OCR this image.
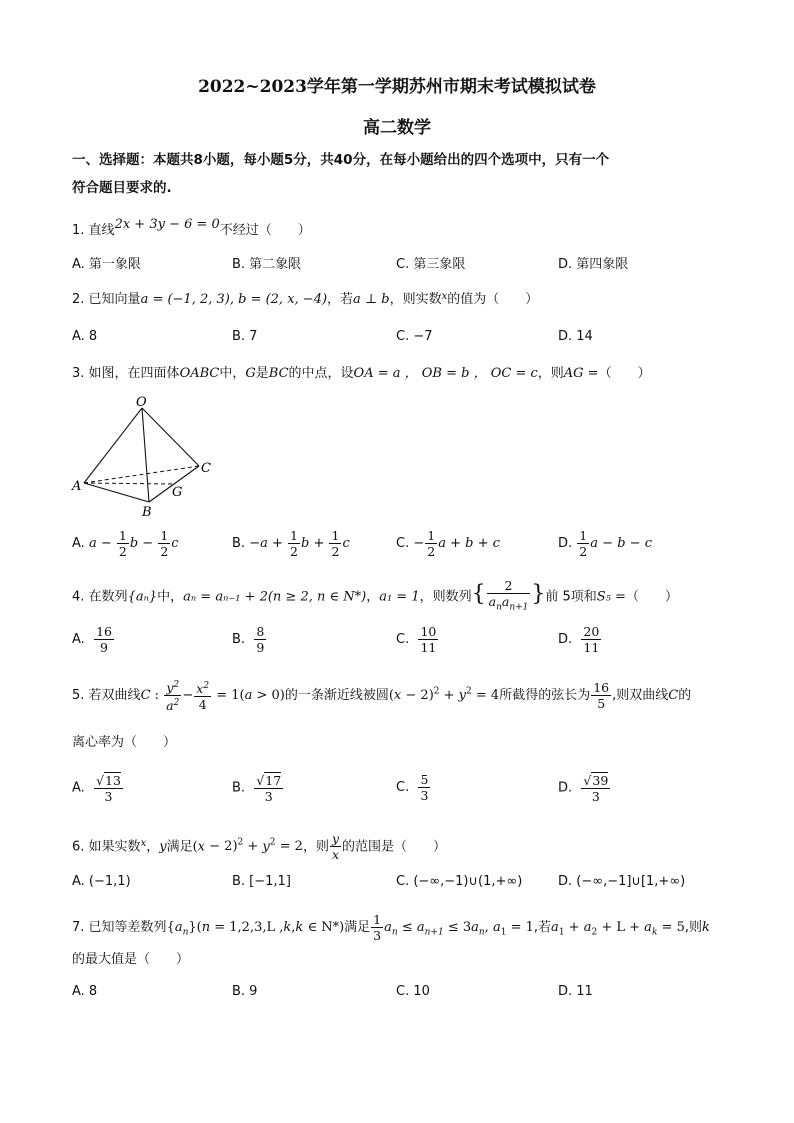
2022~2023学年第一学期苏州市期末考试模拟试卷
高二数学
一、选择题：本题共8小题，每小题5分，共40分，在每小题给出的四个选项中，只有一个
符合题目要求的.
1. 直线2x + 3y − 6 = 0不经过（　　）
A. 第一象限	B. 第二象限	C. 第三象限	D. 第四象限
2. 已知向量a = (−1, 2, 3), b = (2, x, −4)，若a ⊥ b，则实数$^x$的值为（　　）
A. 8	B. 7	C. −7	D. 14
3. 如图，在四面体OABC中，G是BC的中点，设OA = a ， OB = b ， OC = c，则AG =（　　）
O
A
B
C
G
A. $a - \frac{1}{2}$ $b - \frac{1}{2}$ c	B. $-a + \frac{1}{2}$ $b + \frac{1}{2}$ c	C. − $\frac{1}{2}$ a + b + c	D. $\frac{1}{2}$ a − b − c
4. 在数列{aₙ}中，aₙ = aₙ₋₁ + 2(n ≥ 2, n ∈ N*)，a₁ = 1，则数列{ $\frac{2}{a_na_{n+1}}$ }前 5项和S₅ =（　　）
A. $\frac{16}{9}$	B. $\frac{8}{9}$	C. $\frac{10}{11}$	D. $\frac{20}{11}$
5. 若双曲线C : $\frac{y^2}{a^2} - \frac{x^2}{4} = 1(a > 0)$的一条渐近线被圆$(x - 2)^2 + y^2 = 4$所截得的弦长为 $\frac{16}{5}$ ,则双曲线C的
离心率为（　　）
A. $\frac{√13}{3}$	B. $\frac{√17}{3}$	C. $\frac{5}{3}$	D. $\frac{√39}{3}$
6. 如果实数$^x$，y满足$(x - 2)^2 + y^2 = 2$，则 $\frac{y}{x}$ 的范围是（　　）
A. (−1,1)	B. [−1,1]	C. (−∞,−1)∪(1,+∞)	D. (−∞,−1]∪[1,+∞)
7. 已知等差数列$\{a_n\}(n = 1,2,3,L$ ,k,k ∈ N*)满足 $\frac{1}{3} a_n \le a_{n+1} \le 3a_n$, $a_1 = 1$,若$a_1 + a_2 + L + a_k = 5$,则k
的最大值是（　　）
A. 8	B. 9	C. 10	D. 11
